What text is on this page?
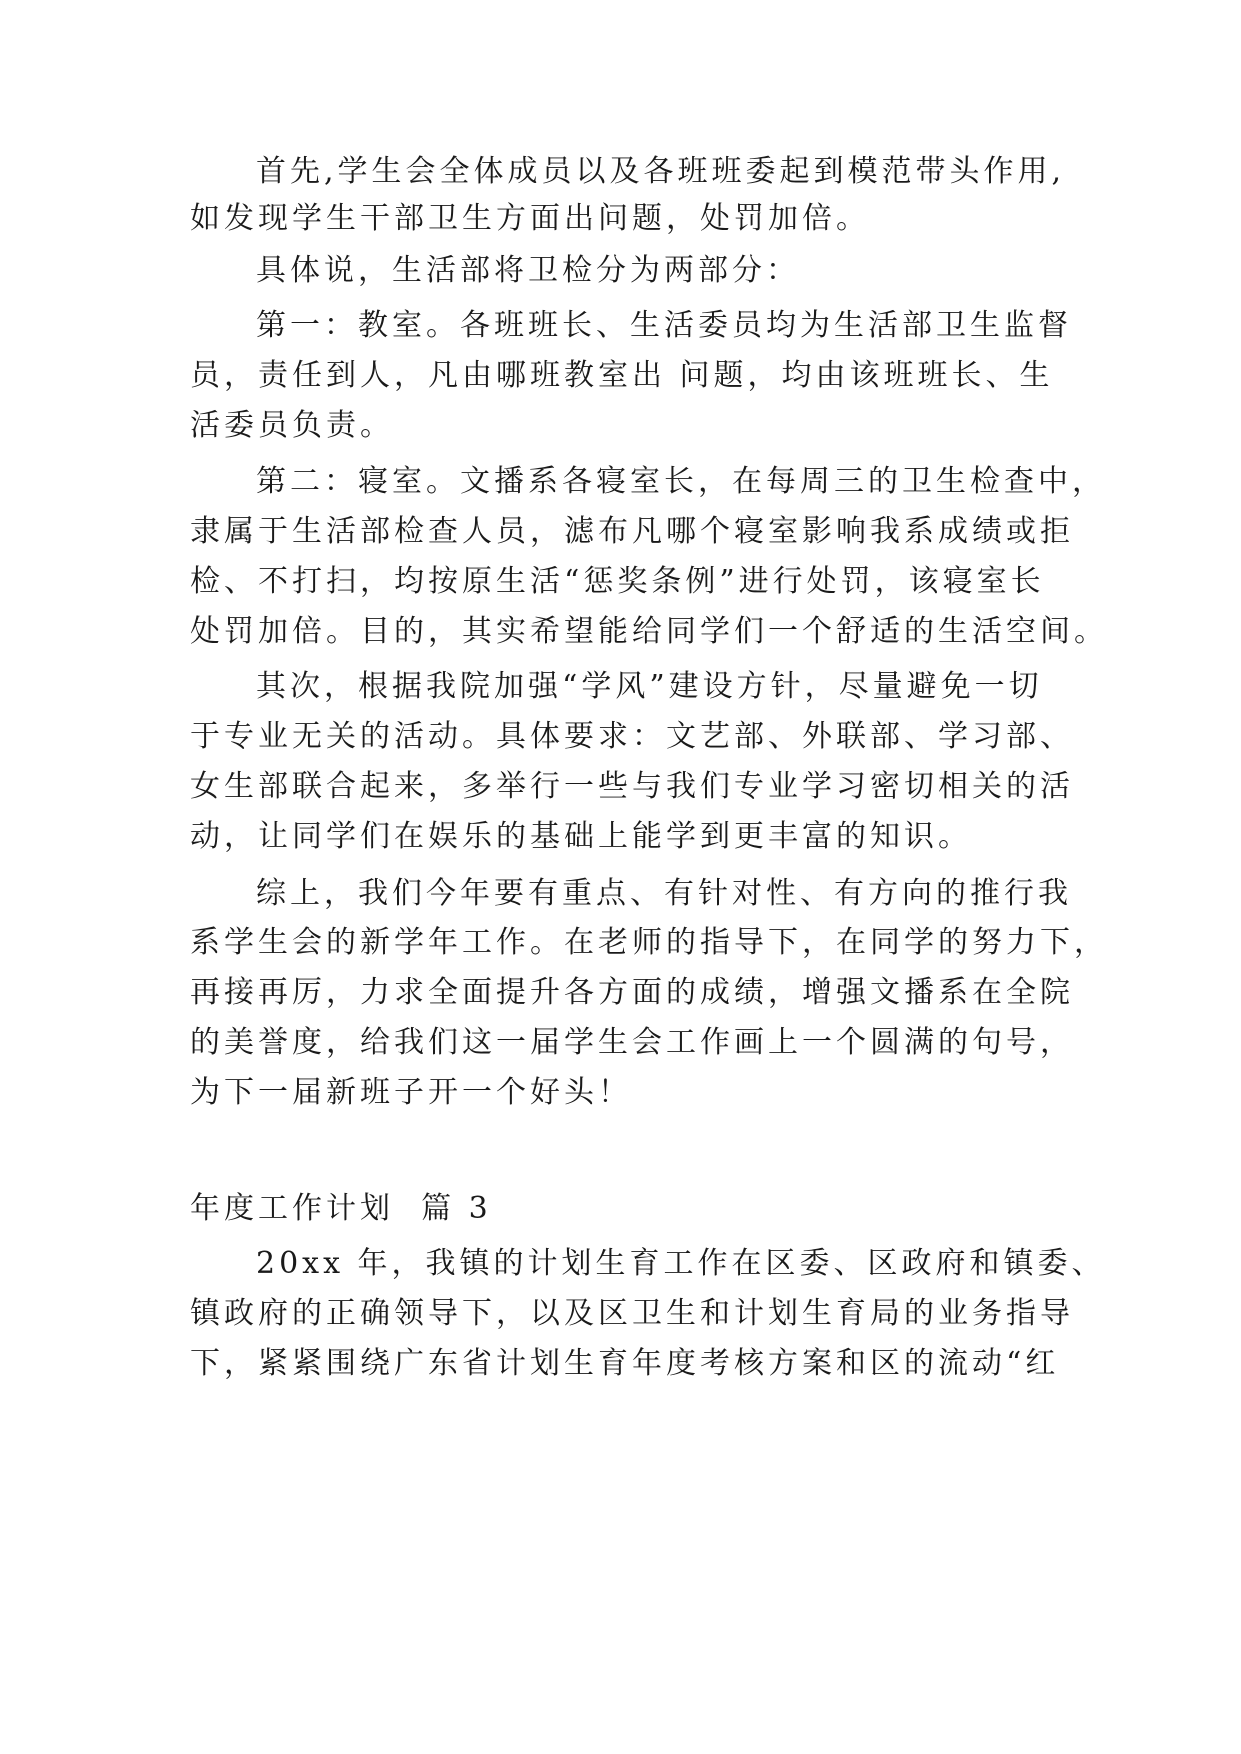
首先,学生会全体成员以及各班班委起到模范带头作用,
如发现学生干部卫生方面出问题，处罚加倍。
具体说，生活部将卫检分为两部分：
第一：教室。各班班长、生活委员均为生活部卫生监督
员，责任到人，凡由哪班教室出 问题，均由该班班长、生
活委员负责。
第二：寝室。文播系各寝室长，在每周三的卫生检查中，
隶属于生活部检查人员，滤布凡哪个寝室影响我系成绩或拒
检、不打扫，均按原生活“惩奖条例”进行处罚，该寝室长
处罚加倍。目的，其实希望能给同学们一个舒适的生活空间。
其次，根据我院加强“学风”建设方针，尽量避免一切
于专业无关的活动。具体要求：文艺部、外联部、学习部、
女生部联合起来，多举行一些与我们专业学习密切相关的活
动，让同学们在娱乐的基础上能学到更丰富的知识。
综上，我们今年要有重点、有针对性、有方向的推行我
系学生会的新学年工作。在老师的指导下，在同学的努力下，
再接再厉，力求全面提升各方面的成绩，增强文播系在全院
的美誉度，给我们这一届学生会工作画上一个圆满的句号，
为下一届新班子开一个好头！
年度工作计划  篇 3
20xx 年，我镇的计划生育工作在区委、区政府和镇委、
镇政府的正确领导下，以及区卫生和计划生育局的业务指导
下，紧紧围绕广东省计划生育年度考核方案和区的流动“红
